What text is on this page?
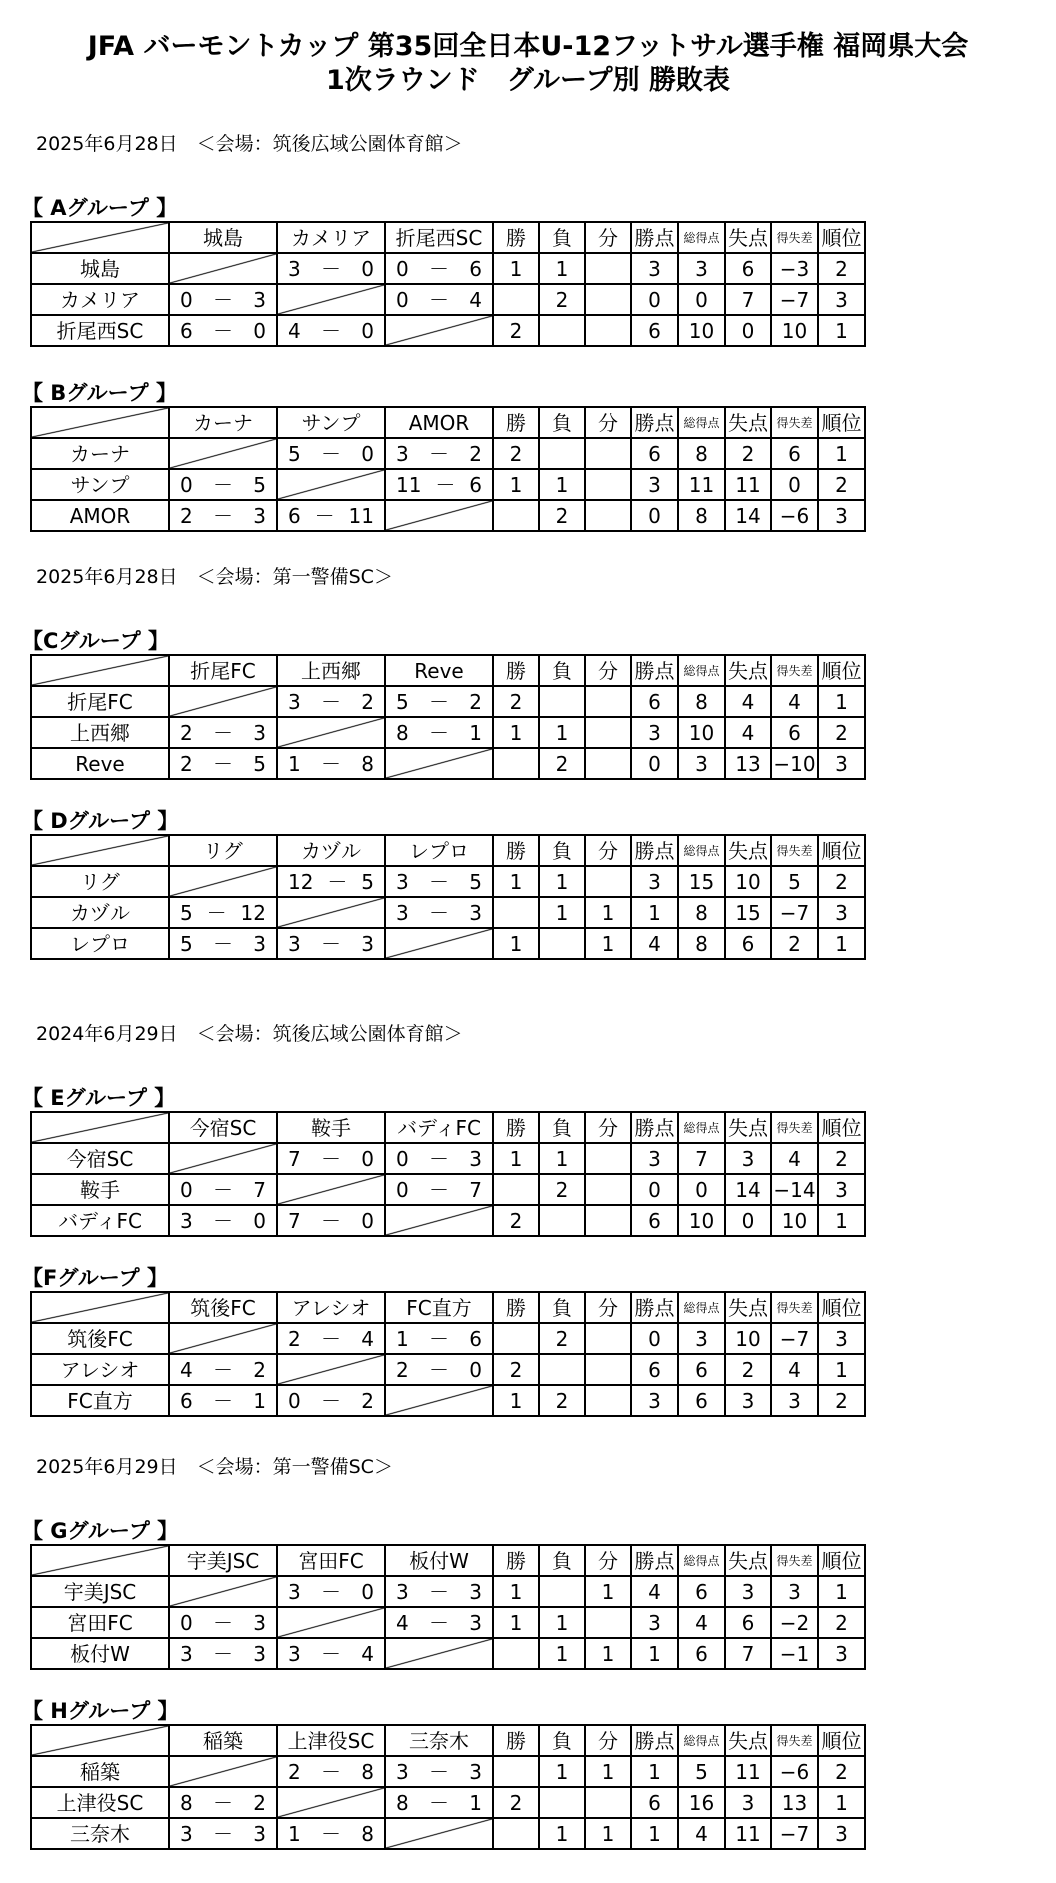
JFA バーモントカップ 第35回全日本U-12フットサル選手権 福岡県大会
1次ラウンド　グループ別 勝敗表
2025年6月28日　＜会場：筑後広域公園体育館＞
2025年6月28日　＜会場：第一警備SC＞
2024年6月29日　＜会場：筑後広域公園体育館＞
2025年6月29日　＜会場：第一警備SC＞
【 Aグループ 】
	城島	カメリア	折尾西SC	勝	負	分	勝点	総得点	失点	得失差	順位
城島		3 － 0	0 － 6	1	1		3	3	6	−3	2
カメリア	0 － 3		0 － 4		2		0	0	7	−7	3
折尾西SC	6 － 0	4 － 0		2			6	10	0	10	1
【 Bグループ 】
	カーナ	サンプ	AMOR	勝	負	分	勝点	総得点	失点	得失差	順位
カーナ		5 － 0	3 － 2	2			6	8	2	6	1
サンプ	0 － 5		11 － 6	1	1		3	11	11	0	2
AMOR	2 － 3	6 － 11			2		0	8	14	−6	3
【Cグループ 】
	折尾FC	上西郷	Reve	勝	負	分	勝点	総得点	失点	得失差	順位
折尾FC		3 － 2	5 － 2	2			6	8	4	4	1
上西郷	2 － 3		8 － 1	1	1		3	10	4	6	2
Reve	2 － 5	1 － 8			2		0	3	13	−10	3
【 Dグループ 】
	リグ	カヅル	レプロ	勝	負	分	勝点	総得点	失点	得失差	順位
リグ		12 － 5	3 － 5	1	1		3	15	10	5	2
カヅル	5 － 12		3 － 3		1	1	1	8	15	−7	3
レプロ	5 － 3	3 － 3		1		1	4	8	6	2	1
【 Eグループ 】
	今宿SC	鞍手	バディFC	勝	負	分	勝点	総得点	失点	得失差	順位
今宿SC		7 － 0	0 － 3	1	1		3	7	3	4	2
鞍手	0 － 7		0 － 7		2		0	0	14	−14	3
バディFC	3 － 0	7 － 0		2			6	10	0	10	1
【Fグループ 】
	筑後FC	アレシオ	FC直方	勝	負	分	勝点	総得点	失点	得失差	順位
筑後FC		2 － 4	1 － 6		2		0	3	10	−7	3
アレシオ	4 － 2		2 － 0	2			6	6	2	4	1
FC直方	6 － 1	0 － 2		1	2		3	6	3	3	2
【 Gグループ 】
	宇美JSC	宮田FC	板付W	勝	負	分	勝点	総得点	失点	得失差	順位
宇美JSC		3 － 0	3 － 3	1		1	4	6	3	3	1
宮田FC	0 － 3		4 － 3	1	1		3	4	6	−2	2
板付W	3 － 3	3 － 4			1	1	1	6	7	−1	3
【 Hグループ 】
	稲築	上津役SC	三奈木	勝	負	分	勝点	総得点	失点	得失差	順位
稲築		2 － 8	3 － 3		1	1	1	5	11	−6	2
上津役SC	8 － 2		8 － 1	2			6	16	3	13	1
三奈木	3 － 3	1 － 8			1	1	1	4	11	−7	3
